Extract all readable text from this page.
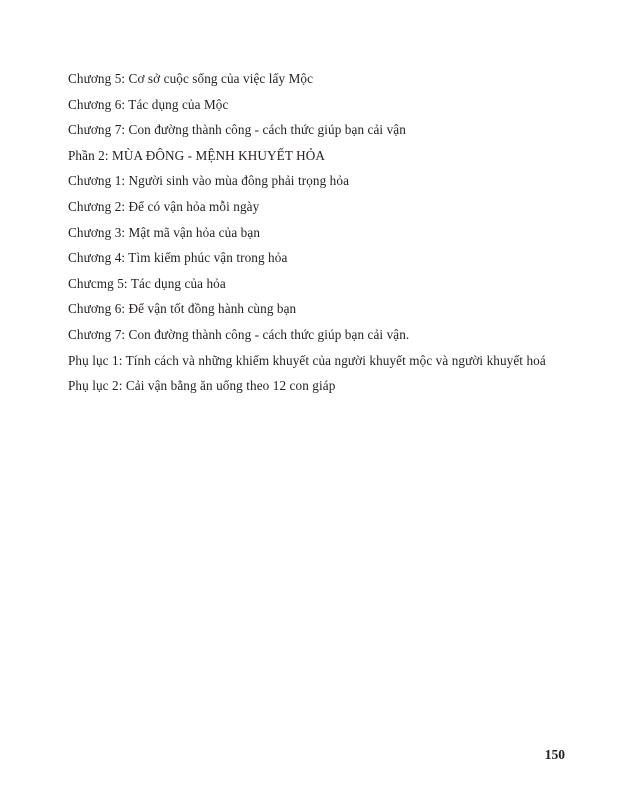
Chương 5: Cơ sở cuộc sống của việc lấy Mộc
Chương 6: Tác dụng của Mộc
Chương 7: Con đường thành công - cách thức giúp bạn cải vận
Phần 2: MÙA ĐÔNG - MỆNH KHUYẾT HỎA
Chương 1: Người sinh vào mùa đông phải trọng hỏa
Chương 2: Để có vận hỏa mỗi ngày
Chương 3: Mật mã vận hỏa của bạn
Chương 4: Tìm kiếm phúc vận trong hỏa
Chưcmg 5: Tác dụng của hỏa
Chương 6: Để vận tốt đồng hành cùng bạn
Chương 7: Con đường thành công - cách thức giúp bạn cải vận.
Phụ lục 1: Tính cách và những khiếm khuyết của người khuyết mộc và người khuyết hoá
Phụ lục 2: Cải vận bằng ăn uống theo 12 con giáp
150
